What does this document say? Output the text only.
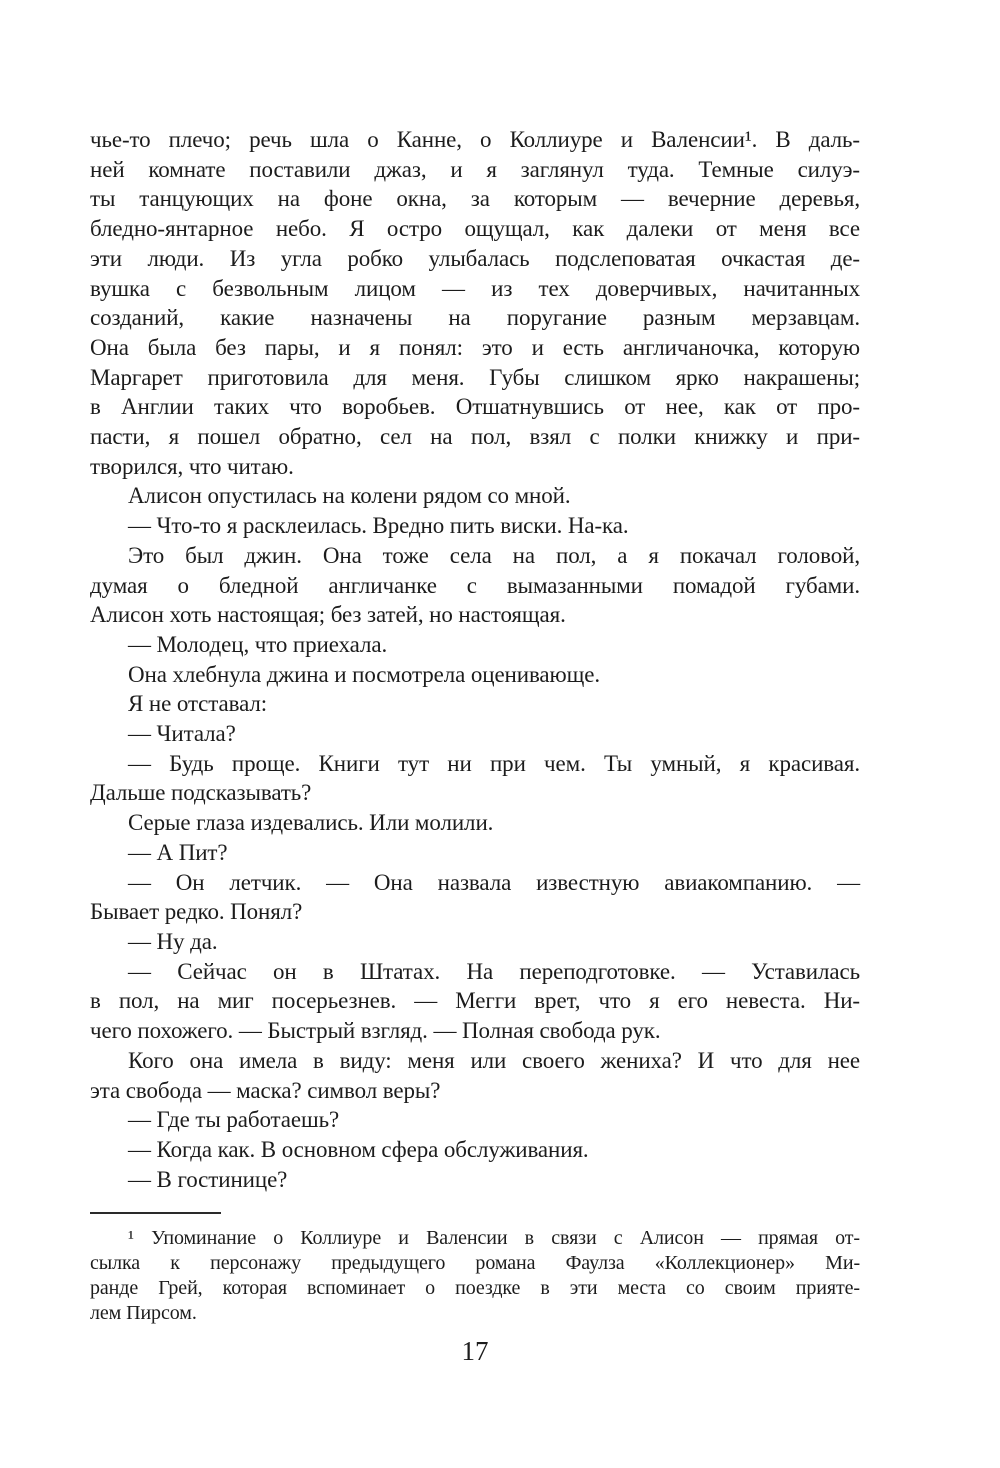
чье-то плечо; речь шла о Канне, о Коллиуре и Валенсии¹. В даль-
ней комнате поставили джаз, и я заглянул туда. Темные силуэ-
ты танцующих на фоне окна, за которым — вечерние деревья,
бледно-янтарное небо. Я остро ощущал, как далеки от меня все
эти люди. Из угла робко улыбалась подслеповатая очкастая де-
вушка с безвольным лицом — из тех доверчивых, начитанных
созданий, какие назначены на поругание разным мерзавцам.
Она была без пары, и я понял: это и есть англичаночка, которую
Маргарет приготовила для меня. Губы слишком ярко накрашены;
в Англии таких что воробьев. Отшатнувшись от нее, как от про-
пасти, я пошел обратно, сел на пол, взял с полки книжку и при-
творился, что читаю.
Алисон опустилась на колени рядом со мной.
— Что-то я расклеилась. Вредно пить виски. На-ка.
Это был джин. Она тоже села на пол, а я покачал головой,
думая о бледной англичанке с вымазанными помадой губами.
Алисон хоть настоящая; без затей, но настоящая.
— Молодец, что приехала.
Она хлебнула джина и посмотрела оценивающе.
Я не отставал:
— Читала?
— Будь проще. Книги тут ни при чем. Ты умный, я красивая.
Дальше подсказывать?
Серые глаза издевались. Или молили.
— А Пит?
— Он летчик. — Она назвала известную авиакомпанию. —
Бывает редко. Понял?
— Ну да.
— Сейчас он в Штатах. На переподготовке. — Уставилась
в пол, на миг посерьезнев. — Мегги врет, что я его невеста. Ни-
чего похожего. — Быстрый взгляд. — Полная свобода рук.
Кого она имела в виду: меня или своего жениха? И что для нее
эта свобода — маска? символ веры?
— Где ты работаешь?
— Когда как. В основном сфера обслуживания.
— В гостинице?
¹ Упоминание о Коллиуре и Валенсии в связи с Алисон — прямая от-
сылка к персонажу предыдущего романа Фаулза «Коллекционер» Ми-
ранде Грей, которая вспоминает о поездке в эти места со своим прияте-
лем Пирсом.
17
